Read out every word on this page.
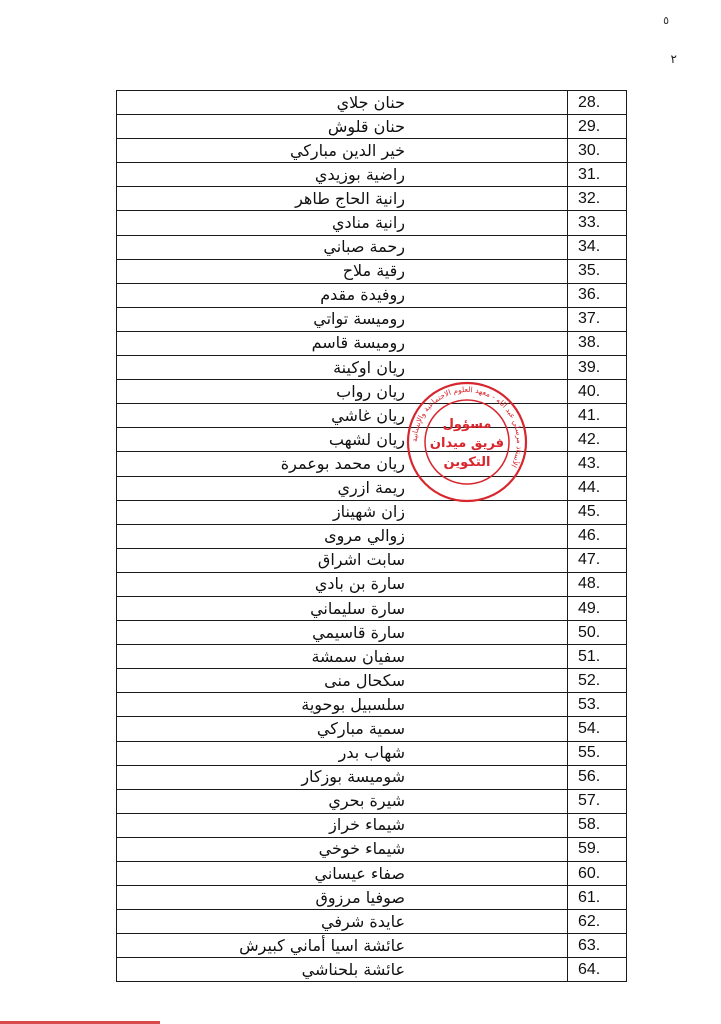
٥
٢
حنان جلاي	28.
حنان قلوش	29.
خير الدين مباركي	30.
راضية بوزيدي	31.
رانية الحاج طاهر	32.
رانية منادي	33.
رحمة صباني	34.
رقية ملاح	35.
روفيدة مقدم	36.
روميسة تواتي	37.
روميسة قاسم	38.
ريان اوكينة	39.
ريان رواب	40.
ريان غاشي	41.
ريان لشهب	42.
ريان محمد بوعمرة	43.
ريمة ازري	44.
زان شهيناز	45.
زوالي مروى	46.
سابت اشراق	47.
سارة بن بادي	48.
سارة سليماني	49.
سارة قاسيمي	50.
سفيان سمشة	51.
سكحال منى	52.
سلسبيل بوحوية	53.
سمية مباركي	54.
شهاب بدر	55.
شوميسة بوزكار	56.
شيرة بحري	57.
شيماء خراز	58.
شيماء خوخي	59.
صفاء عيساني	60.
صوفيا مرزوق	61.
عايدة شرفي	62.
عائشة اسيا أماني كبيرش	63.
عائشة بلحناشي	64.
الأستاذ مرسلي عبد الله - معهد العلوم الاجتماعية والإنسانية
مسؤول
فريق ميدان
التكوين
